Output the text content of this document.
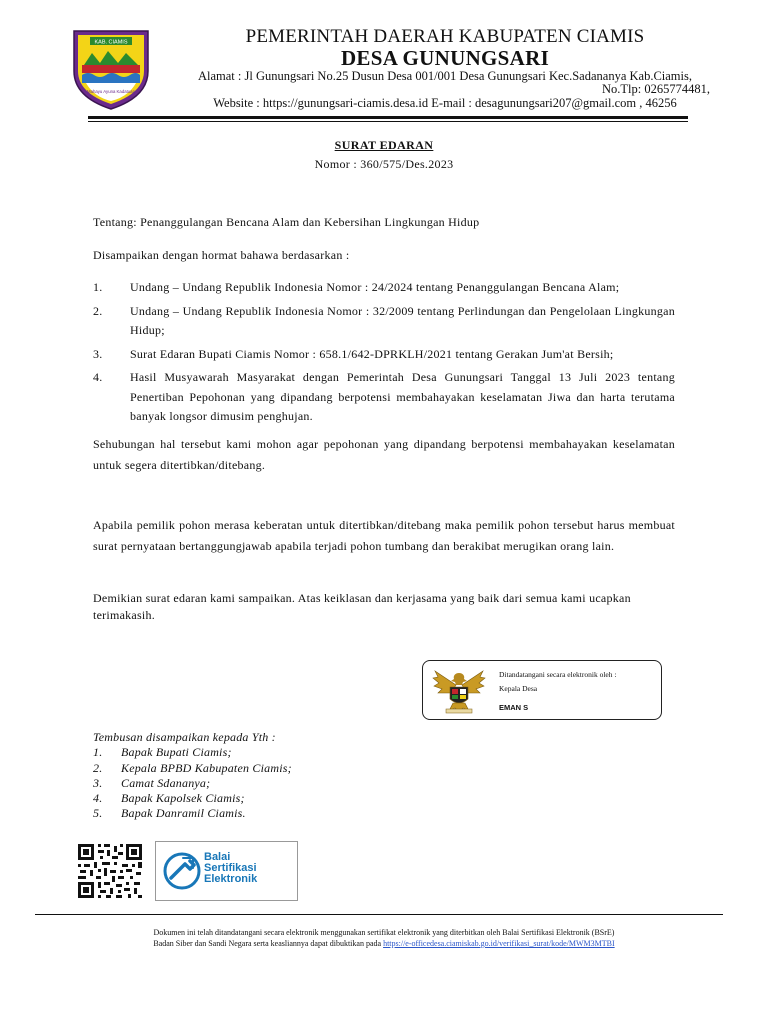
KAB. CIAMIS
Mahayu Ayuna Kadatuan
PEMERINTAH DAERAH KABUPATEN CIAMIS
DESA GUNUNGSARI
Alamat : Jl Gunungsari No.25 Dusun Desa 001/001 Desa Gunungsari Kec.Sadananya Kab.Ciamis,
No.Tlp: 0265774481,
Website : https://gunungsari-ciamis.desa.id E-mail : desagunungsari207@gmail.com , 46256
SURAT EDARAN
Nomor : 360/575/Des.2023
Tentang: Penanggulangan Bencana Alam dan Kebersihan Lingkungan Hidup
Disampaikan dengan hormat bahawa berdasarkan :
1.	Undang – Undang Republik Indonesia Nomor : 24/2024 tentang Penanggulangan Bencana Alam;
2.	Undang – Undang Republik Indonesia Nomor : 32/2009 tentang Perlindungan dan Pengelolaan Lingkungan Hidup;
3.	Surat Edaran Bupati Ciamis Nomor : 658.1/642-DPRKLH/2021 tentang Gerakan Jum'at Bersih;
4.	Hasil Musyawarah Masyarakat dengan Pemerintah Desa Gunungsari Tanggal 13 Juli 2023 tentang Penertiban Pepohonan yang dipandang berpotensi membahayakan keselamatan Jiwa dan harta terutama banyak longsor dimusim penghujan.
Sehubungan hal tersebut kami mohon agar pepohonan yang dipandang berpotensi membahayakan keselamatan untuk segera ditertibkan/ditebang.
Apabila pemilik pohon merasa keberatan untuk ditertibkan/ditebang maka pemilik pohon tersebut harus membuat surat pernyataan bertanggungjawab apabila terjadi pohon tumbang dan berakibat merugikan orang lain.
Demikian surat edaran kami sampaikan. Atas keiklasan dan kerjasama yang baik dari semua kami ucapkan terimakasih.
Ditandatangani secara elektronik oleh :
Kepala Desa
EMAN S
Tembusan disampaikan kepada Yth :
1.	Bapak Bupati Ciamis;
2.	Kepala BPBD Kabupaten Ciamis;
3.	Camat Sdananya;
4.	Bapak Kapolsek Ciamis;
5.	Bapak Danramil Ciamis.
Balai
Sertifikasi
Elektronik
Dokumen ini telah ditandatangani secara elektronik menggunakan sertifikat elektronik yang diterbitkan oleh Balai Sertifikasi Elektronik (BSrE)
Badan Siber dan Sandi Negara serta keasliannya dapat dibuktikan pada https://e-officedesa.ciamiskab.go.id/verifikasi_surat/kode/MWM3MTBI
